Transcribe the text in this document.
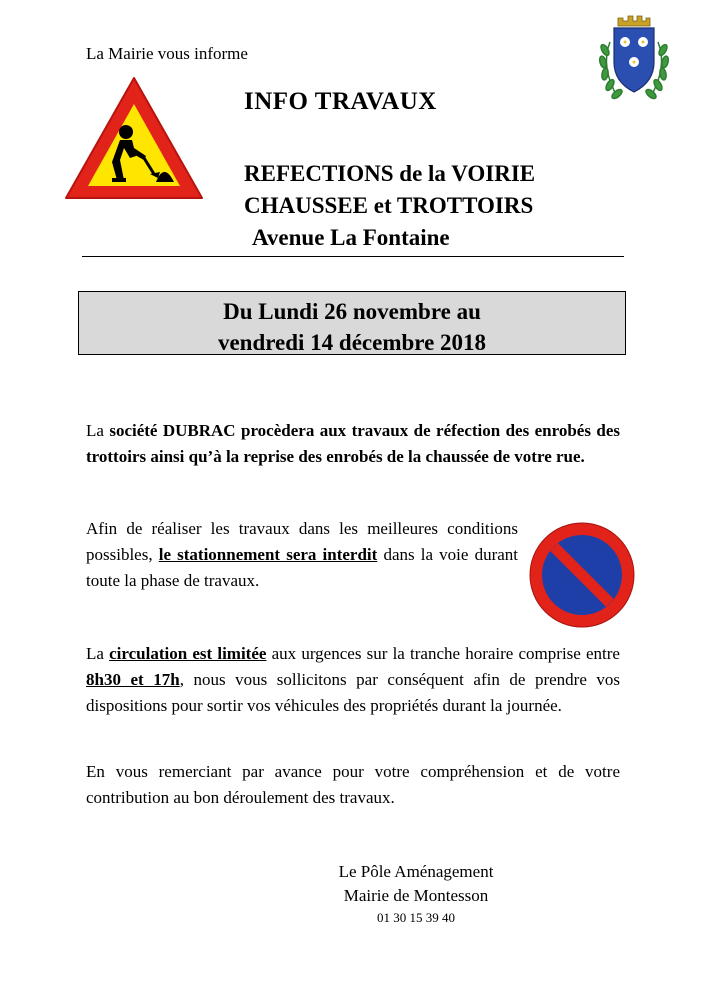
La Mairie vous informe
INFO TRAVAUX
REFECTIONS de la VOIRIE
CHAUSSEE et TROTTOIRS
Avenue La Fontaine
Du Lundi 26 novembre au
vendredi 14 décembre 2018
La société DUBRAC procèdera aux travaux de réfection des enrobés des trottoirs ainsi qu’à la reprise des enrobés de la chaussée de votre rue.
Afin de réaliser les travaux dans les meilleures conditions possibles, le stationnement sera interdit dans la voie durant toute la phase de travaux.
La circulation est limitée aux urgences sur la tranche horaire comprise entre 8h30 et 17h, nous vous sollicitons par conséquent afin de prendre vos dispositions pour sortir vos véhicules des propriétés durant la journée.
En vous remerciant par avance pour votre compréhension et de votre contribution au bon déroulement des travaux.
Le Pôle Aménagement
Mairie de Montesson
01 30 15 39 40
